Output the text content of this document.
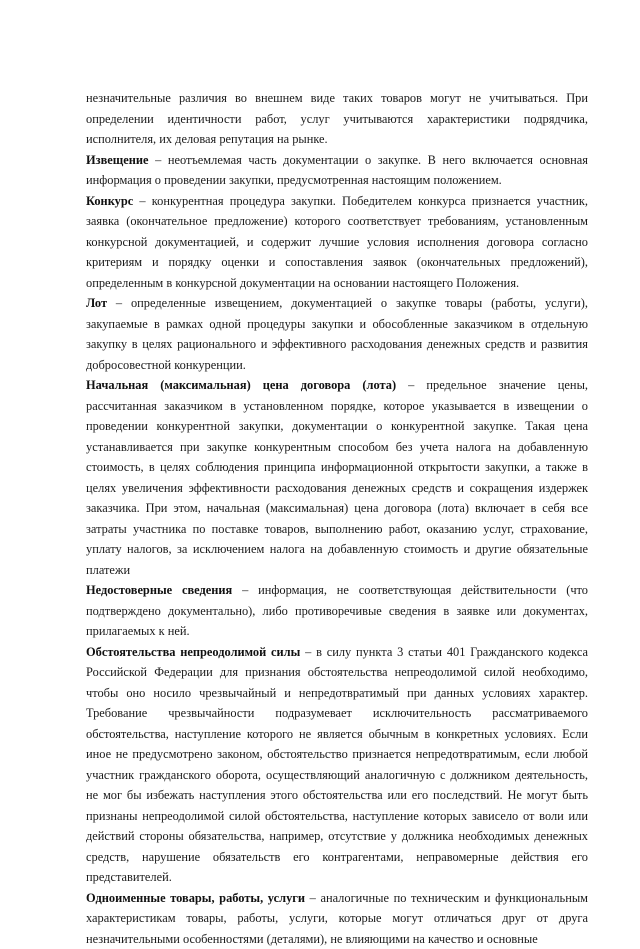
незначительные различия во внешнем виде таких товаров могут не учитываться. При определении идентичности работ, услуг учитываются характеристики подрядчика, исполнителя, их деловая репутация на рынке.

Извещение – неотъемлемая часть документации о закупке. В него включается основная информация о проведении закупки, предусмотренная настоящим положением.

Конкурс – конкурентная процедура закупки. Победителем конкурса признается участник, заявка (окончательное предложение) которого соответствует требованиям, установленным конкурсной документацией, и содержит лучшие условия исполнения договора согласно критериям и порядку оценки и сопоставления заявок (окончательных предложений), определенным в конкурсной документации на основании настоящего Положения.

Лот – определенные извещением, документацией о закупке товары (работы, услуги), закупаемые в рамках одной процедуры закупки и обособленные заказчиком в отдельную закупку в целях рационального и эффективного расходования денежных средств и развития добросовестной конкуренции.

Начальная (максимальная) цена договора (лота) – предельное значение цены, рассчитанная заказчиком в установленном порядке, которое указывается в извещении о проведении конкурентной закупки, документации о конкурентной закупке. Такая цена устанавливается при закупке конкурентным способом без учета налога на добавленную стоимость, в целях соблюдения принципа информационной открытости закупки, а также в целях увеличения эффективности расходования денежных средств и сокращения издержек заказчика. При этом, начальная (максимальная) цена договора (лота) включает в себя все затраты участника по поставке товаров, выполнению работ, оказанию услуг, страхование, уплату налогов, за исключением налога на добавленную стоимость и другие обязательные платежи

Недостоверные сведения – информация, не соответствующая действительности (что подтверждено документально), либо противоречивые сведения в заявке или документах, прилагаемых к ней.

Обстоятельства непреодолимой силы – в силу пункта 3 статьи 401 Гражданского кодекса Российской Федерации для признания обстоятельства непреодолимой силой необходимо, чтобы оно носило чрезвычайный и непредотвратимый при данных условиях характер. Требование чрезвычайности подразумевает исключительность рассматриваемого обстоятельства, наступление которого не является обычным в конкретных условиях. Если иное не предусмотрено законом, обстоятельство признается непредотвратимым, если любой участник гражданского оборота, осуществляющий аналогичную с должником деятельность, не мог бы избежать наступления этого обстоятельства или его последствий. Не могут быть признаны непреодолимой силой обстоятельства, наступление которых зависело от воли или действий стороны обязательства, например, отсутствие у должника необходимых денежных средств, нарушение обязательств его контрагентами, неправомерные действия его представителей.

Одноименные товары, работы, услуги – аналогичные по техническим и функциональным характеристикам товары, работы, услуги, которые могут отличаться друг от друга незначительными особенностями (деталями), не влияющими на качество и основные
